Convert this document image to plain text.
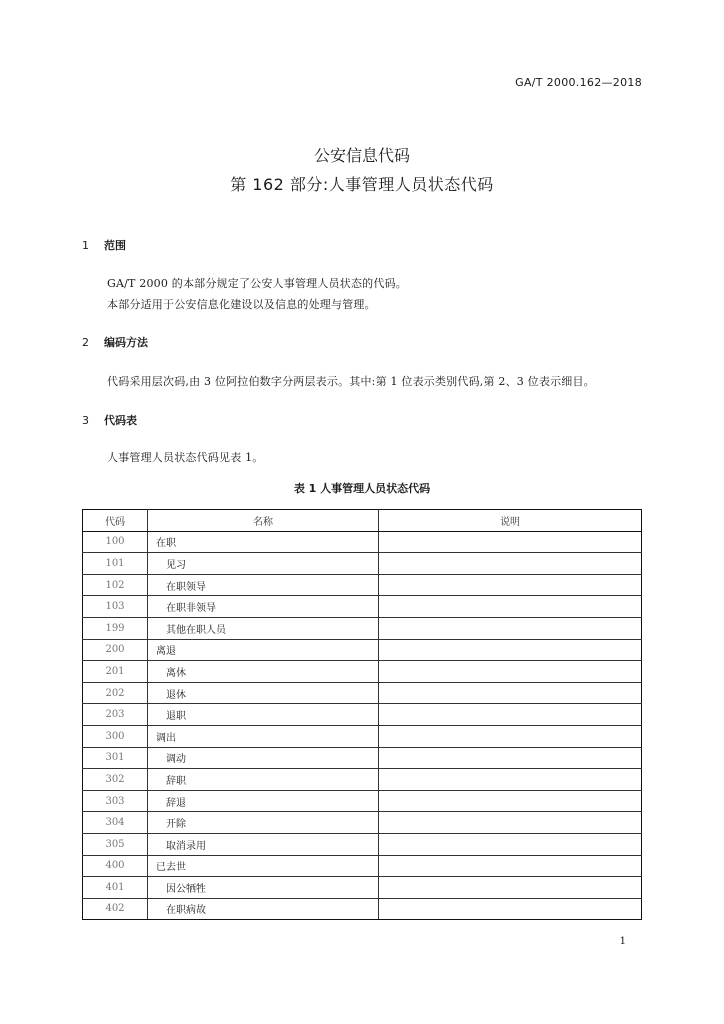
GA/T 2000.162—2018
公安信息代码
第 162 部分:人事管理人员状态代码
1 范围
GA/T 2000 的本部分规定了公安人事管理人员状态的代码。
本部分适用于公安信息化建设以及信息的处理与管理。
2 编码方法
代码采用层次码,由 3 位阿拉伯数字分两层表示。其中:第 1 位表示类别代码,第 2、3 位表示细目。
3 代码表
人事管理人员状态代码见表 1。
表 1 人事管理人员状态代码
代码	名称	说明
100	在职	
101	见习	
102	在职领导	
103	在职非领导	
199	其他在职人员	
200	离退	
201	离休	
202	退休	
203	退职	
300	调出	
301	调动	
302	辞职	
303	辞退	
304	开除	
305	取消录用	
400	已去世	
401	因公牺牲	
402	在职病故	
1
